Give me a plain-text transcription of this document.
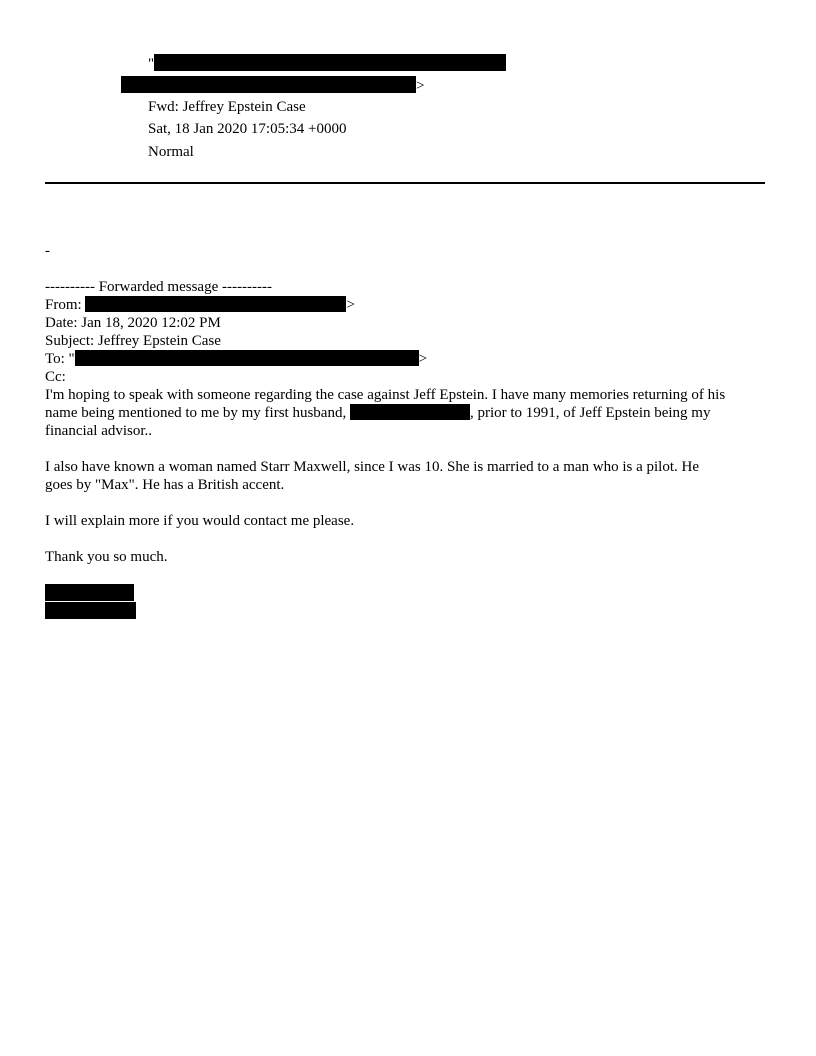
"
>
Fwd: Jeffrey Epstein Case
Sat, 18 Jan 2020 17:05:34 +0000
Normal
-
---------- Forwarded message ----------
From:	>
Date: Jan 18, 2020 12:02 PM
Subject: Jeffrey Epstein Case
To: "	>
Cc:
I'm hoping to speak with someone regarding the case against Jeff Epstein. I have many memories returning of his
name being mentioned to me by my first husband,	, prior to 1991, of Jeff Epstein being my
financial advisor..
I also have known a woman named Starr Maxwell, since I was 10. She is married to a man who is a pilot. He
goes by "Max". He has a British accent.
I will explain more if you would contact me please.
Thank you so much.
